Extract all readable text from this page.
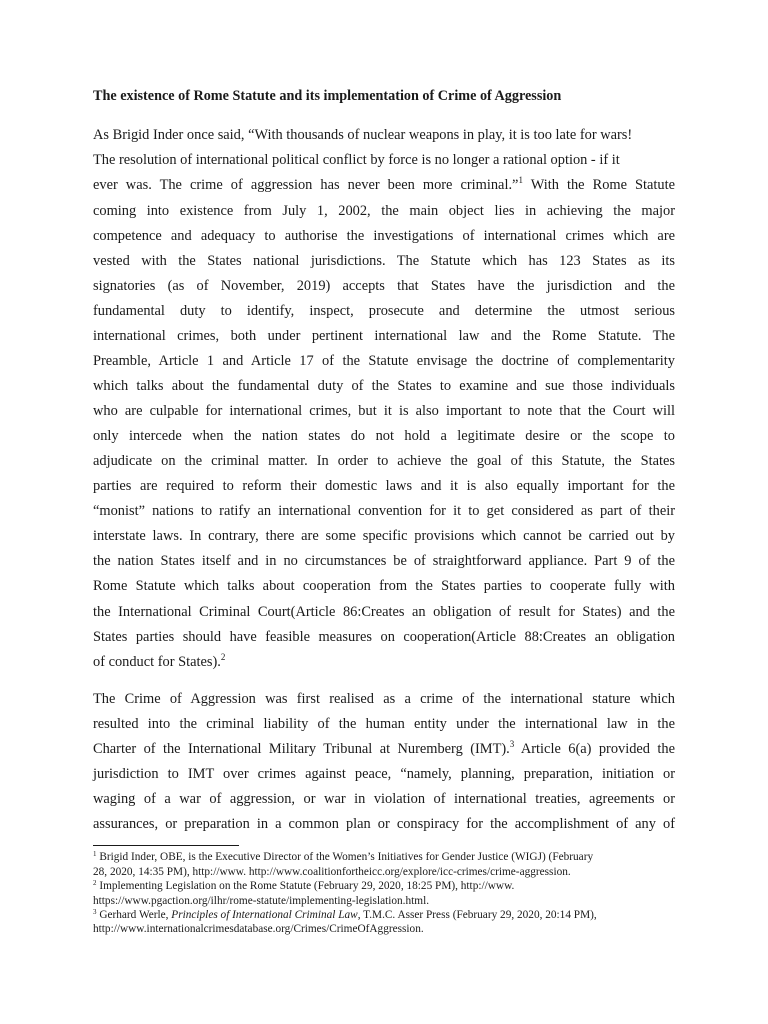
The existence of Rome Statute and its implementation of Crime of Aggression
As Brigid Inder once said, “With thousands of nuclear weapons in play, it is too late for wars!
The resolution of international political conflict by force is no longer a rational option - if it
ever was. The crime of aggression has never been more criminal.”$^1$ With the Rome Statute
coming into existence from July 1, 2002, the main object lies in achieving the major
competence and adequacy to authorise the investigations of international crimes which are
vested with the States national jurisdictions. The Statute which has 123 States as its
signatories (as of November, 2019) accepts that States have the jurisdiction and the
fundamental duty to identify, inspect, prosecute and determine the utmost serious
international crimes, both under pertinent international law and the Rome Statute. The
Preamble, Article 1 and Article 17 of the Statute envisage the doctrine of complementarity
which talks about the fundamental duty of the States to examine and sue those individuals
who are culpable for international crimes, but it is also important to note that the Court will
only intercede when the nation states do not hold a legitimate desire or the scope to
adjudicate on the criminal matter. In order to achieve the goal of this Statute, the States
parties are required to reform their domestic laws and it is also equally important for the
“monist” nations to ratify an international convention for it to get considered as part of their
interstate laws. In contrary, there are some specific provisions which cannot be carried out by
the nation States itself and in no circumstances be of straightforward appliance. Part 9 of the
Rome Statute which talks about cooperation from the States parties to cooperate fully with
the International Criminal Court(Article 86:Creates an obligation of result for States) and the
States parties should have feasible measures on cooperation(Article 88:Creates an obligation
of conduct for States).$^2$
The Crime of Aggression was first realised as a crime of the international stature which
resulted into the criminal liability of the human entity under the international law in the
Charter of the International Military Tribunal at Nuremberg (IMT).$^3$ Article 6(a) provided the
jurisdiction to IMT over crimes against peace, “namely, planning, preparation, initiation or
waging of a war of aggression, or war in violation of international treaties, agreements or
assurances, or preparation in a common plan or conspiracy for the accomplishment of any of
$^1$ Brigid Inder, OBE, is the Executive Director of the Women’s Initiatives for Gender Justice (WIGJ) (February
28, 2020, 14:35 PM), http://www. http://www.coalitionfortheicc.org/explore/icc-crimes/crime-aggression.
$^2$ Implementing Legislation on the Rome Statute (February 29, 2020, 18:25 PM), http://www.
https://www.pgaction.org/ilhr/rome-statute/implementing-legislation.html.
$^3$ Gerhard Werle, Principles of International Criminal Law, T.M.C. Asser Press (February 29, 2020, 20:14 PM),
http://www.internationalcrimesdatabase.org/Crimes/CrimeOfAggression.
